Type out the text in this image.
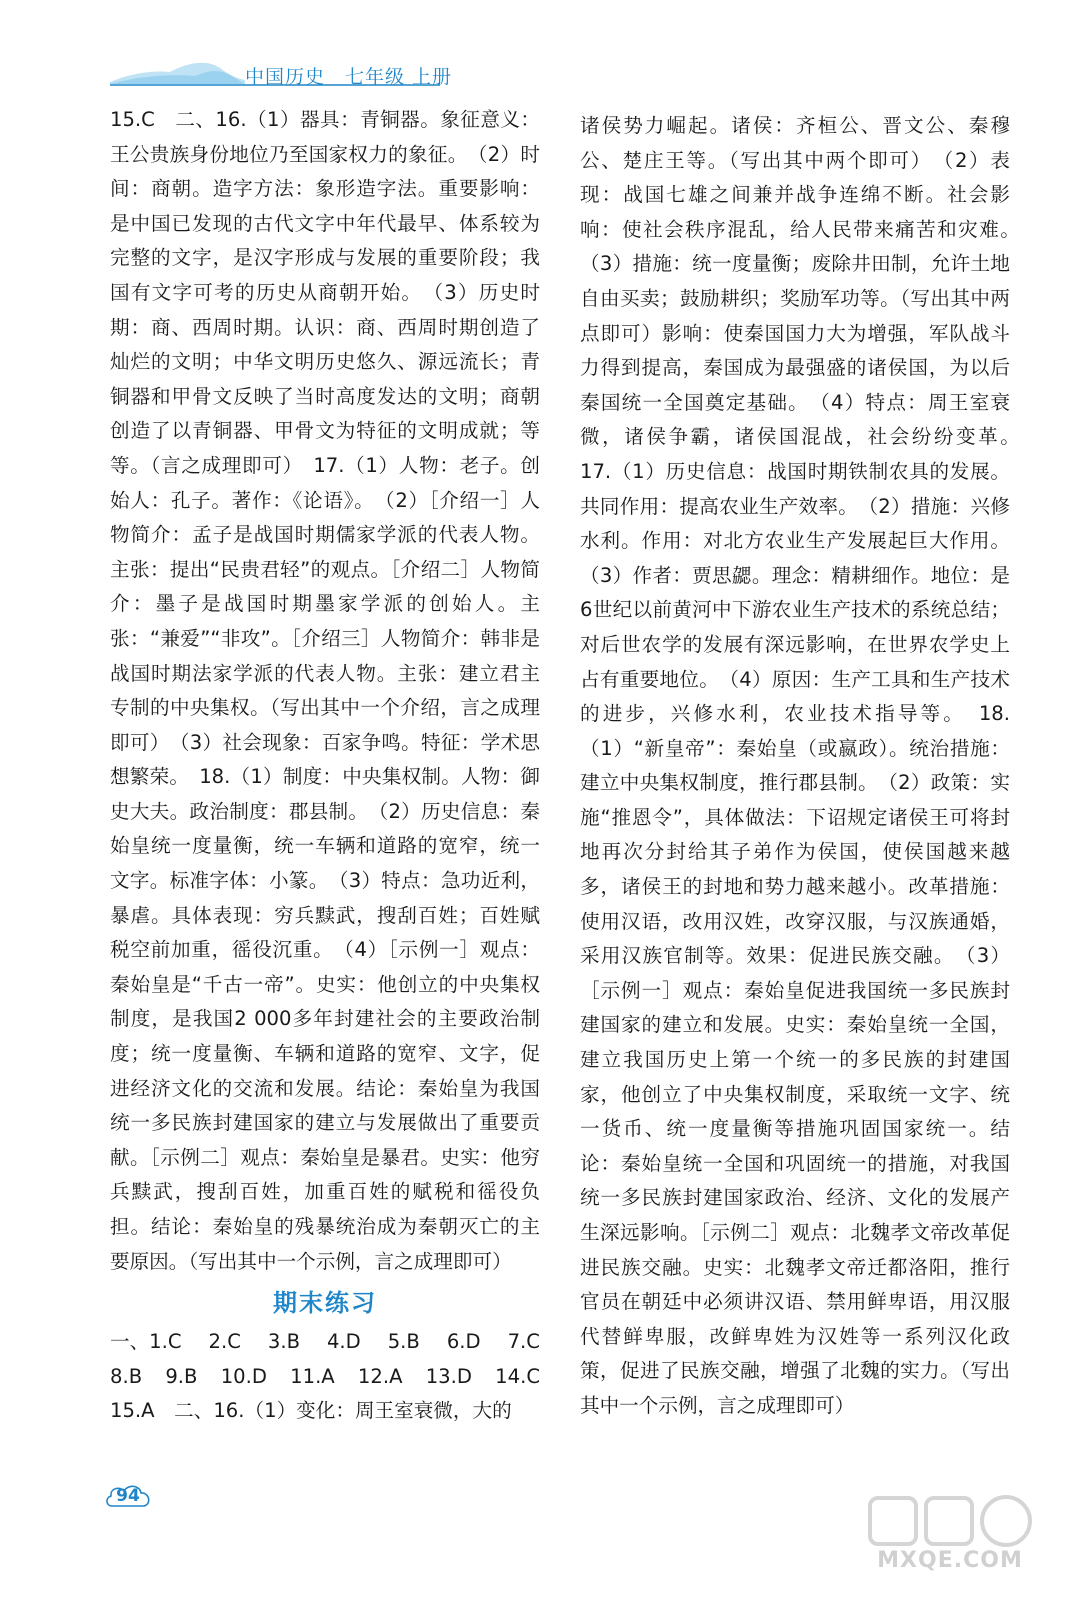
中国历史　七年级 上册

15.C　二、16.（1）器具：青铜器。象征意义：王公贵族身份地位乃至国家权力的象征。　（2）时间：商朝。造字方法：象形造字法。重要影响：是中国已发现的古代文字中年代最早、体系较为完整的文字，是汉字形成与发展的重要阶段；我国有文字可考的历史从商朝开始。　（3）历史时期：商、西周时期。认识：商、西周时期创造了灿烂的文明；中华文明历史悠久、源远流长；青铜器和甲骨文反映了当时高度发达的文明；商朝创造了以青铜器、甲骨文为特征的文明成就；等等。（言之成理即可）　17.（1）人物：老子。创始人：孔子。著作：《论语》。　（2）［介绍一］人物简介：孟子是战国时期儒家学派的代表人物。主张：提出“民贵君轻”的观点。［介绍二］人物简介：墨子是战国时期墨家学派的创始人。主张：“兼爱”“非攻”。［介绍三］人物简介：韩非是战国时期法家学派的代表人物。主张：建立君主专制的中央集权。（写出其中一个介绍，言之成理即可）　（3）社会现象：百家争鸣。特征：学术思想繁荣。　18.（1）制度：中央集权制。人物：御史大夫。政治制度：郡县制。　（2）历史信息：秦始皇统一度量衡，统一车辆和道路的宽窄，统一文字。标准字体：小篆。　（3）特点：急功近利，暴虐。具体表现：穷兵黩武，搜刮百姓；百姓赋税空前加重，徭役沉重。　（4）［示例一］观点：秦始皇是“千古一帝”。史实：他创立的中央集权制度，是我国2 000多年封建社会的主要政治制度；统一度量衡、车辆和道路的宽窄、文字，促进经济文化的交流和发展。结论：秦始皇为我国统一多民族封建国家的建立与发展做出了重要贡献。［示例二］观点：秦始皇是暴君。史实：他穷兵黩武，搜刮百姓，加重百姓的赋税和徭役负担。结论：秦始皇的残暴统治成为秦朝灭亡的主要原因。（写出其中一个示例，言之成理即可）

期末练习
一、1.C 2.C 3.B 4.D 5.B 6.D 7.C
8.B 9.B 10.D 11.A 12.A 13.D 14.C

15.A　二、16.（1）变化：周王室衰微，大的

诸侯势力崛起。诸侯：齐桓公、晋文公、秦穆公、楚庄王等。（写出其中两个即可）　（2）表现：战国七雄之间兼并战争连绵不断。社会影响：使社会秩序混乱，给人民带来痛苦和灾难。　（3）措施：统一度量衡；废除井田制，允许土地自由买卖；鼓励耕织；奖励军功等。（写出其中两点即可）影响：使秦国国力大为增强，军队战斗力得到提高，秦国成为最强盛的诸侯国，为以后秦国统一全国奠定基础。　（4）特点：周王室衰微，诸侯争霸，诸侯国混战，社会纷纷变革。　17.（1）历史信息：战国时期铁制农具的发展。共同作用：提高农业生产效率。　（2）措施：兴修水利。作用：对北方农业生产发展起巨大作用。（3）作者：贾思勰。理念：精耕细作。地位：是6世纪以前黄河中下游农业生产技术的系统总结；对后世农学的发展有深远影响，在世界农学史上占有重要地位。　（4）原因：生产工具和生产技术的进步，兴修水利，农业技术指导等。　18.（1）“新皇帝”：秦始皇（或嬴政）。统治措施：建立中央集权制度，推行郡县制。　（2）政策：实施“推恩令”，具体做法：下诏规定诸侯王可将封地再次分封给其子弟作为侯国，使侯国越来越多，诸侯王的封地和势力越来越小。改革措施：使用汉语，改用汉姓，改穿汉服，与汉族通婚，采用汉族官制等。效果：促进民族交融。　（3）［示例一］观点：秦始皇促进我国统一多民族封建国家的建立和发展。史实：秦始皇统一全国，建立我国历史上第一个统一的多民族的封建国家，他创立了中央集权制度，采取统一文字、统一货币、统一度量衡等措施巩固国家统一。结论：秦始皇统一全国和巩固统一的措施，对我国统一多民族封建国家政治、经济、文化的发展产生深远影响。［示例二］观点：北魏孝文帝改革促进民族交融。史实：北魏孝文帝迁都洛阳，推行官员在朝廷中必须讲汉语、禁用鲜卑语，用汉服代替鲜卑服，改鲜卑姓为汉姓等一系列汉化政策，促进了民族交融，增强了北魏的实力。（写出其中一个示例，言之成理即可）

94
MXQE.COM
